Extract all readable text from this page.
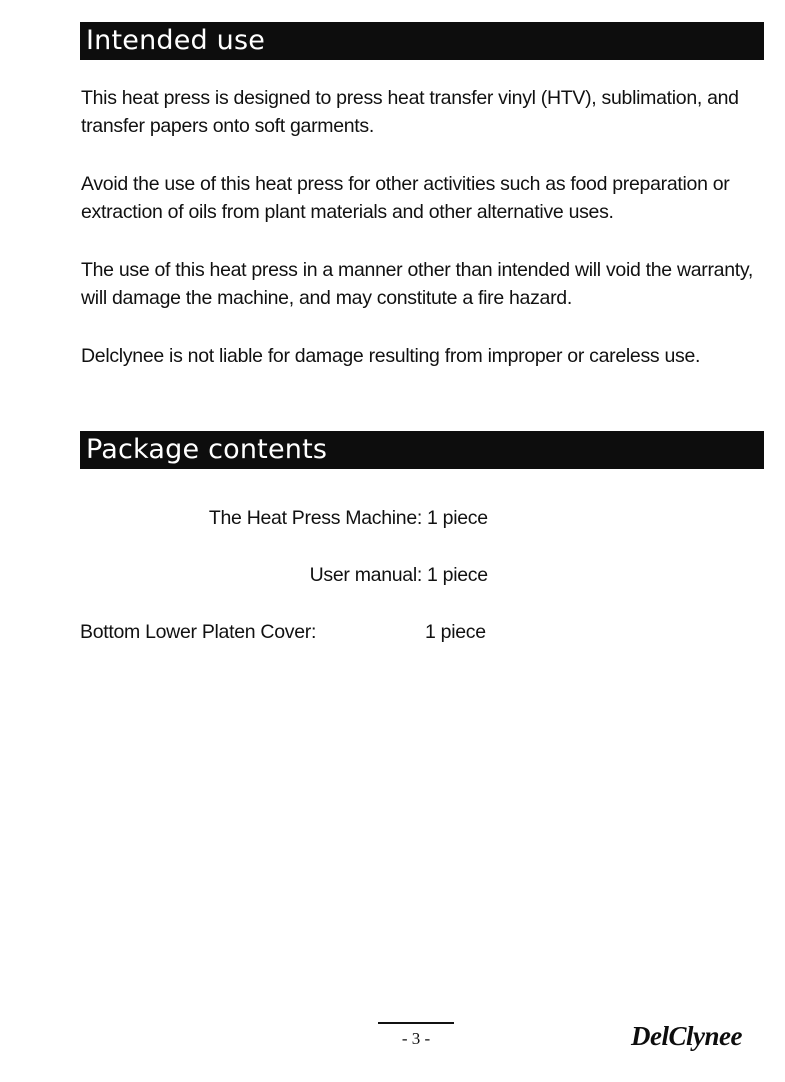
Intended use

This heat press is designed to press heat transfer vinyl (HTV), sublimation, and transfer papers onto soft garments.

Avoid the use of this heat press for other activities such as food preparation or extraction of oils from plant materials and other alternative uses.

The use of this heat press in a manner other than intended will void the warranty, will damage the machine, and may constitute a fire hazard.

Delclynee is not liable for damage resulting from improper or careless use.

Package contents
The Heat Press Machine: 1 piece
User manual: 1 piece
Bottom Lower Platen Cover:	1 piece
- 3 -	DelClynee
